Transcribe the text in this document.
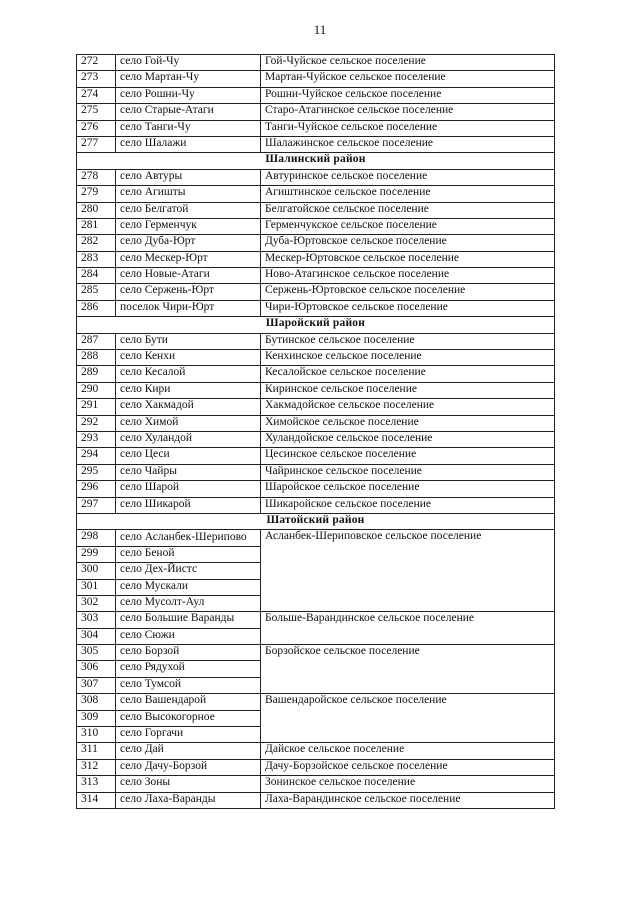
11
272	село Гой-Чу	Гой-Чуйское сельское поселение
273	село Мартан-Чу	Мартан-Чуйское сельское поселение
274	село Рошни-Чу	Рошни-Чуйское сельское поселение
275	село Старые-Атаги	Старо-Атагинское сельское поселение
276	село Танги-Чу	Танги-Чуйское сельское поселение
277	село Шалажи	Шалажинское сельское поселение
Шалинский район		
278	село Автуры	Автуринское сельское поселение
279	село Агишты	Агиштинское сельское поселение
280	село Белгатой	Белгатойское сельское поселение
281	село Герменчук	Герменчукское сельское поселение
282	село Дуба-Юрт	Дуба-Юртовское сельское поселение
283	село Мескер-Юрт	Мескер-Юртовское сельское поселение
284	село Новые-Атаги	Ново-Атагинское сельское поселение
285	село Сержень-Юрт	Сержень-Юртовское сельское поселение
286	поселок Чири-Юрт	Чири-Юртовское сельское поселение
Шаройский район		
287	село Бути	Бутинское сельское поселение
288	село Кенхи	Кенхинское сельское поселение
289	село Кесалой	Кесалойское сельское поселение
290	село Кири	Киринское сельское поселение
291	село Хакмадой	Хакмадойское сельское поселение
292	село Химой	Химойское сельское поселение
293	село Хуландой	Хуландойское сельское поселение
294	село Цеси	Цесинское сельское поселение
295	село Чайры	Чайринское сельское поселение
296	село Шарой	Шаройское сельское поселение
297	село Шикарой	Шикаройское сельское поселение
Шатойский район		
298	село Асланбек-Шерипово	Асланбек-Шериповское сельское поселение
299	село Беной	
300	село Дех-Йистс	
301	село Мускали	
302	село Мусолт-Аул	
303	село Большие Варанды	Больше-Варандинское сельское поселение
304	село Сюжи	
305	село Борзой	Борзойское сельское поселение
306	село Рядухой	
307	село Тумсой	
308	село Вашендарой	Вашендаройское сельское поселение
309	село Высокогорное	
310	село Горгачи	
311	село Дай	Дайское сельское поселение
312	село Дачу-Борзой	Дачу-Борзойское сельское поселение
313	село Зоны	Зонинское сельское поселение
314	село Лаха-Варанды	Лаха-Варандинское сельское поселение
